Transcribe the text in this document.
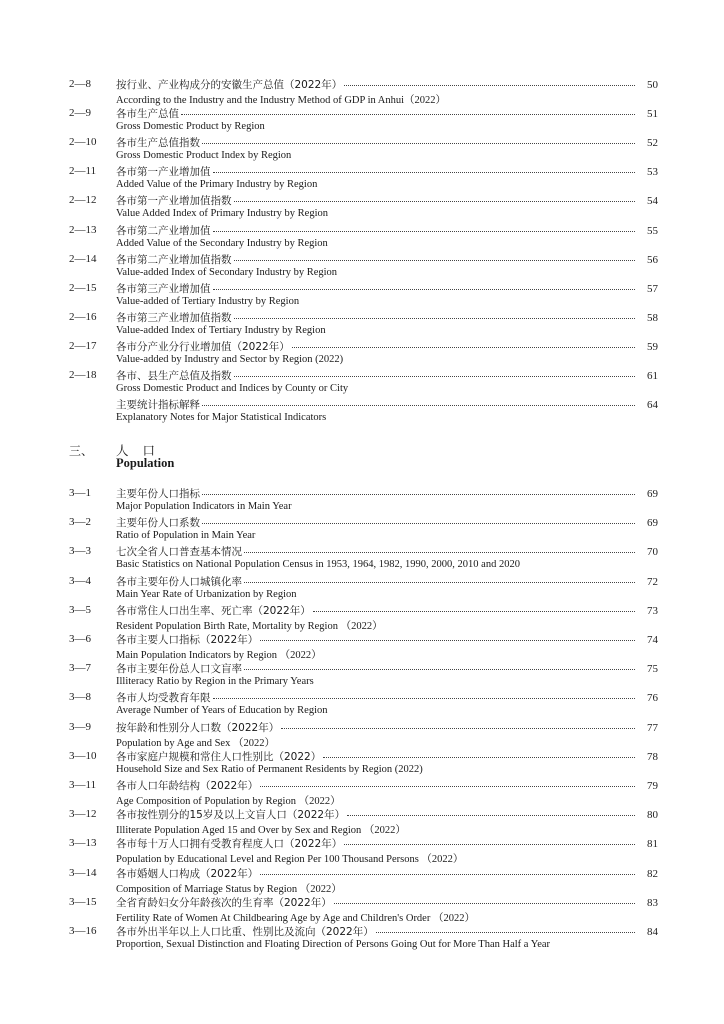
2—8 按行业、产业构成分的安徽生产总值（2022年）	50
According to the Industry and the Industry Method of GDP in Anhui（2022）
2—9 各市生产总值	51
Gross Domestic Product by Region
2—10 各市生产总值指数	52
Gross Domestic Product Index by Region
2—11 各市第一产业增加值	53
Added Value of the Primary Industry by Region
2—12 各市第一产业增加值指数	54
Value Added Index of Primary Industry by Region
2—13 各市第二产业增加值	55
Added Value of the Secondary Industry by Region
2—14 各市第二产业增加值指数	56
Value-added Index of Secondary Industry by Region
2—15 各市第三产业增加值	57
Value-added of Tertiary Industry by Region
2—16 各市第三产业增加值指数	58
Value-added Index of Tertiary Industry by Region
2—17 各市分产业分行业增加值（2022年）	59
Value-added by Industry and Sector by Region (2022)
2—18 各市、县生产总值及指数	61
Gross Domestic Product and Indices by County or City
主要统计指标解释	64
Explanatory Notes for Major Statistical Indicators
三、 人口
Population
3—1 主要年份人口指标	69
Major Population Indicators in Main Year
3—2 主要年份人口系数	69
Ratio of Population in Main Year
3—3 七次全省人口普查基本情况	70
Basic Statistics on National Population Census in 1953, 1964, 1982, 1990, 2000, 2010 and 2020
3—4 各市主要年份人口城镇化率	72
Main Year Rate of Urbanization by Region
3—5 各市常住人口出生率、死亡率（2022年）	73
Resident Population Birth Rate, Mortality by Region （2022）
3—6 各市主要人口指标（2022年）	74
Main Population Indicators by Region （2022）
3—7 各市主要年份总人口文盲率	75
Illiteracy Ratio by Region in the Primary Years
3—8 各市人均受教育年限	76
Average Number of Years of Education by Region
3—9 按年龄和性别分人口数（2022年）	77
Population by Age and Sex （2022）
3—10 各市家庭户规模和常住人口性别比（2022）	78
Household Size and Sex Ratio of Permanent Residents by Region (2022)
3—11 各市人口年龄结构（2022年）	79
Age Composition of Population by Region （2022）
3—12 各市按性别分的15岁及以上文盲人口（2022年）	80
Illiterate Population Aged 15 and Over by Sex and Region （2022）
3—13 各市每十万人口拥有受教育程度人口（2022年）	81
Population by Educational Level and Region Per 100 Thousand Persons （2022）
3—14 各市婚姻人口构成（2022年）	82
Composition of Marriage Status by Region （2022）
3—15 全省育龄妇女分年龄孩次的生育率（2022年）	83
Fertility Rate of Women At Childbearing Age by Age and Children's Order （2022）
3—16 各市外出半年以上人口比重、性别比及流向（2022年）	84
Proportion, Sexual Distinction and Floating Direction of Persons Going Out for More Than Half a Year
